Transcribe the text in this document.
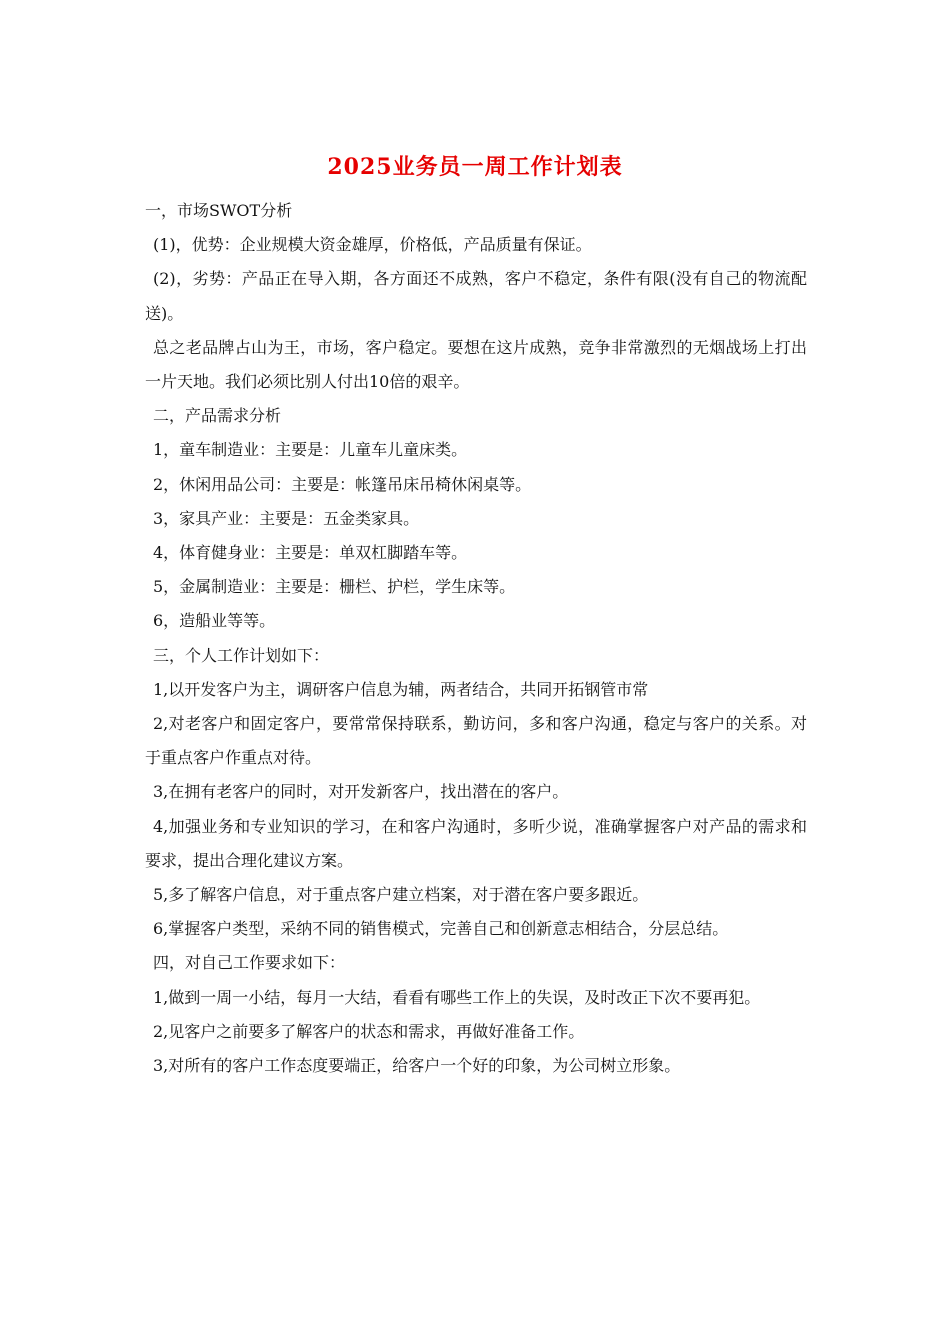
2025业务员一周工作计划表

一，市场SWOT分析

(1)，优势：企业规模大资金雄厚，价格低，产品质量有保证。

(2)，劣势：产品正在导入期，各方面还不成熟，客户不稳定，条件有限(没有自己的物流配送)。

总之老品牌占山为王，市场，客户稳定。要想在这片成熟，竞争非常激烈的无烟战场上打出一片天地。我们必须比别人付出10倍的艰辛。

二，产品需求分析

1，童车制造业：主要是：儿童车儿童床类。

2，休闲用品公司：主要是：帐篷吊床吊椅休闲桌等。

3，家具产业：主要是：五金类家具。

4，体育健身业：主要是：单双杠脚踏车等。

5，金属制造业：主要是：栅栏、护栏，学生床等。

6，造船业等等。

三，个人工作计划如下：

1,以开发客户为主，调研客户信息为辅，两者结合，共同开拓钢管市常

2,对老客户和固定客户，要常常保持联系，勤访问，多和客户沟通，稳定与客户的关系。对于重点客户作重点对待。

3,在拥有老客户的同时，对开发新客户，找出潜在的客户。

4,加强业务和专业知识的学习，在和客户沟通时，多听少说，准确掌握客户对产品的需求和要求，提出合理化建议方案。

5,多了解客户信息，对于重点客户建立档案，对于潜在客户要多跟近。

6,掌握客户类型，采纳不同的销售模式，完善自己和创新意志相结合，分层总结。

四，对自己工作要求如下：

1,做到一周一小结，每月一大结，看看有哪些工作上的失误，及时改正下次不要再犯。

2,见客户之前要多了解客户的状态和需求，再做好准备工作。

3,对所有的客户工作态度要端正，给客户一个好的印象，为公司树立形象。
